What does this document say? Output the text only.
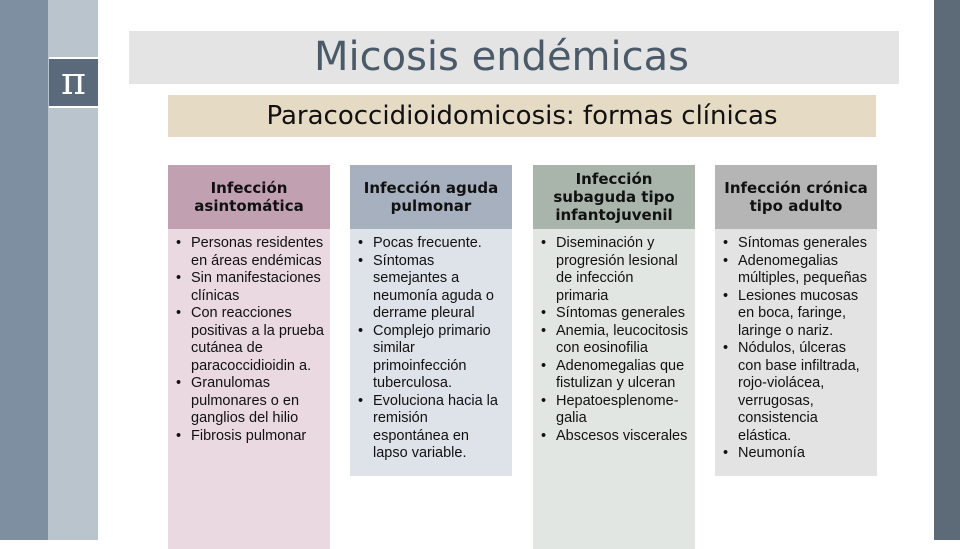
π
Micosis endémicas
Paracoccidioidomicosis: formas clínicas
Infección asintomática
• Personas residentes en áreas endémicas
• Sin manifestaciones clínicas
• Con reacciones positivas a la prueba cutánea de paracoccidioidin a.
• Granulomas pulmonares o en ganglios del hilio
• Fibrosis pulmonar
Infección aguda pulmonar
• Pocas frecuente.
• Síntomas semejantes a neumonía aguda o derrame pleural
• Complejo primario similar primoinfección tuberculosa.
• Evoluciona hacia la remisión espontánea en lapso variable.
Infección subaguda tipo infantojuvenil
• Diseminación y progresión lesional de infección primaria
• Síntomas generales
• Anemia, leucocitosis con eosinofilia
• Adenomegalias que fistulizan y ulceran
• Hepatoesplenome- galia
• Abscesos viscerales
Infección crónica tipo adulto
• Síntomas generales
• Adenomegalias múltiples, pequeñas
• Lesiones mucosas en boca, faringe, laringe o nariz.
• Nódulos, úlceras con base infiltrada, rojo-violácea, verrugosas, consistencia elástica.
• Neumonía
